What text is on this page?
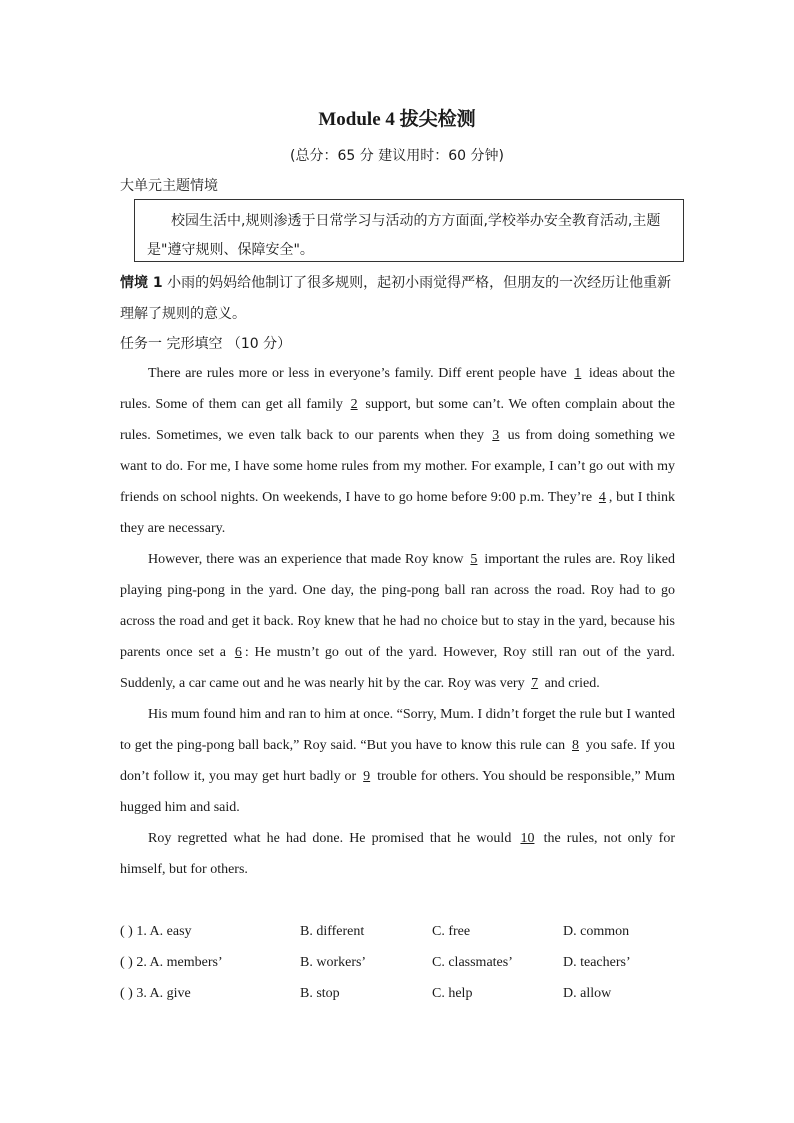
Module 4 拔尖检测
(总分：65 分 建议用时：60 分钟)
大单元主题情境

校园生活中,规则渗透于日常学习与活动的方方面面,学校举办安全教育活动,主题是"遵守规则、保障安全"。

情境 1 小雨的妈妈给他制订了很多规则，起初小雨觉得严格，但朋友的一次经历让他重新理解了规则的意义。
任务一 完形填空 （10 分）

There are rules more or less in everyone’s family. Diff erent people have 1 ideas about the rules. Some of them can get all family 2 support, but some can’t. We often complain about the rules. Sometimes, we even talk back to our parents when they 3 us from doing something we want to do. For me, I have some home rules from my mother. For example, I can’t go out with my friends on school nights. On weekends, I have to go home before 9:00 p.m. They’re 4 , but I think they are necessary.

However, there was an experience that made Roy know 5 important the rules are. Roy liked playing ping-pong in the yard. One day, the ping-pong ball ran across the road. Roy had to go across the road and get it back. Roy knew that he had no choice but to stay in the yard, because his parents once set a 6 : He mustn’t go out of the yard. However, Roy still ran out of the yard. Suddenly, a car came out and he was nearly hit by the car. Roy was very 7 and cried.

His mum found him and ran to him at once. “Sorry, Mum. I didn’t forget the rule but I wanted to get the ping-pong ball back,” Roy said. “But you have to know this rule can 8 you safe. If you don’t follow it, you may get hurt badly or 9 trouble for others. You should be responsible,” Mum hugged him and said.

Roy regretted what he had done. He promised that he would 10 the rules, not only for himself, but for others.

( ) 1. A. easy	B. different	C. free	D. common
( ) 2. A. members’	B. workers’	C. classmates’	D. teachers’
( ) 3. A. give	B. stop	C. help	D. allow
